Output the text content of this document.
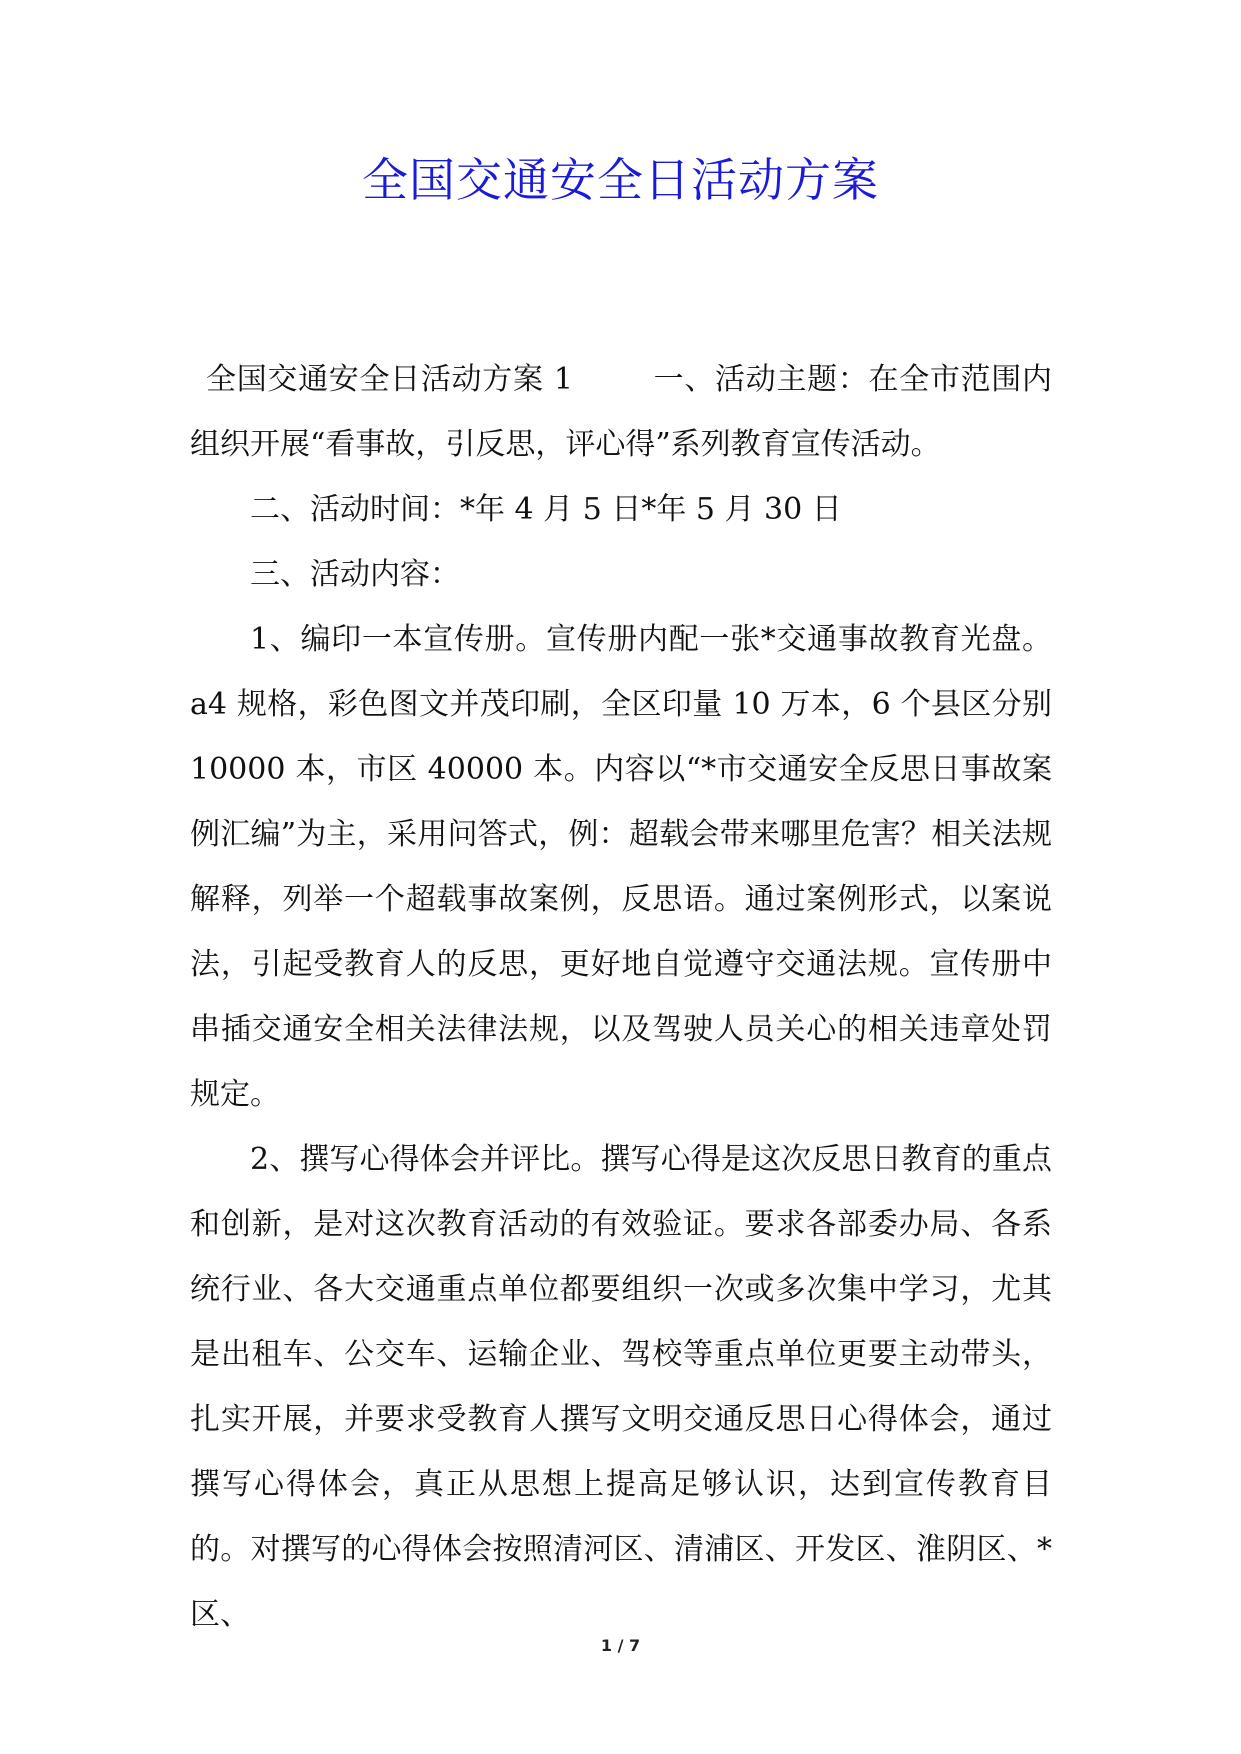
全国交通安全日活动方案

全国交通安全日活动方案 1	一、活动主题：在全市范围内组织开展“看事故，引反思，评心得”系列教育宣传活动。

二、活动时间：*年 4 月 5 日*年 5 月 30 日

三、活动内容：

1、编印一本宣传册。宣传册内配一张*交通事故教育光盘。a4 规格，彩色图文并茂印刷，全区印量 10 万本，6 个县区分别 10000 本，市区 40000 本。内容以“*市交通安全反思日事故案例汇编”为主，采用问答式，例：超载会带来哪里危害？相关法规解释，列举一个超载事故案例，反思语。通过案例形式，以案说法，引起受教育人的反思，更好地自觉遵守交通法规。宣传册中串插交通安全相关法律法规，以及驾驶人员关心的相关违章处罚规定。

2、撰写心得体会并评比。撰写心得是这次反思日教育的重点和创新，是对这次教育活动的有效验证。要求各部委办局、各系统行业、各大交通重点单位都要组织一次或多次集中学习，尤其是出租车、公交车、运输企业、驾校等重点单位更要主动带头，扎实开展，并要求受教育人撰写文明交通反思日心得体会，通过撰写心得体会，真正从思想上提高足够认识，达到宣传教育目的。对撰写的心得体会按照清河区、清浦区、开发区、淮阴区、*区、

1 / 7
